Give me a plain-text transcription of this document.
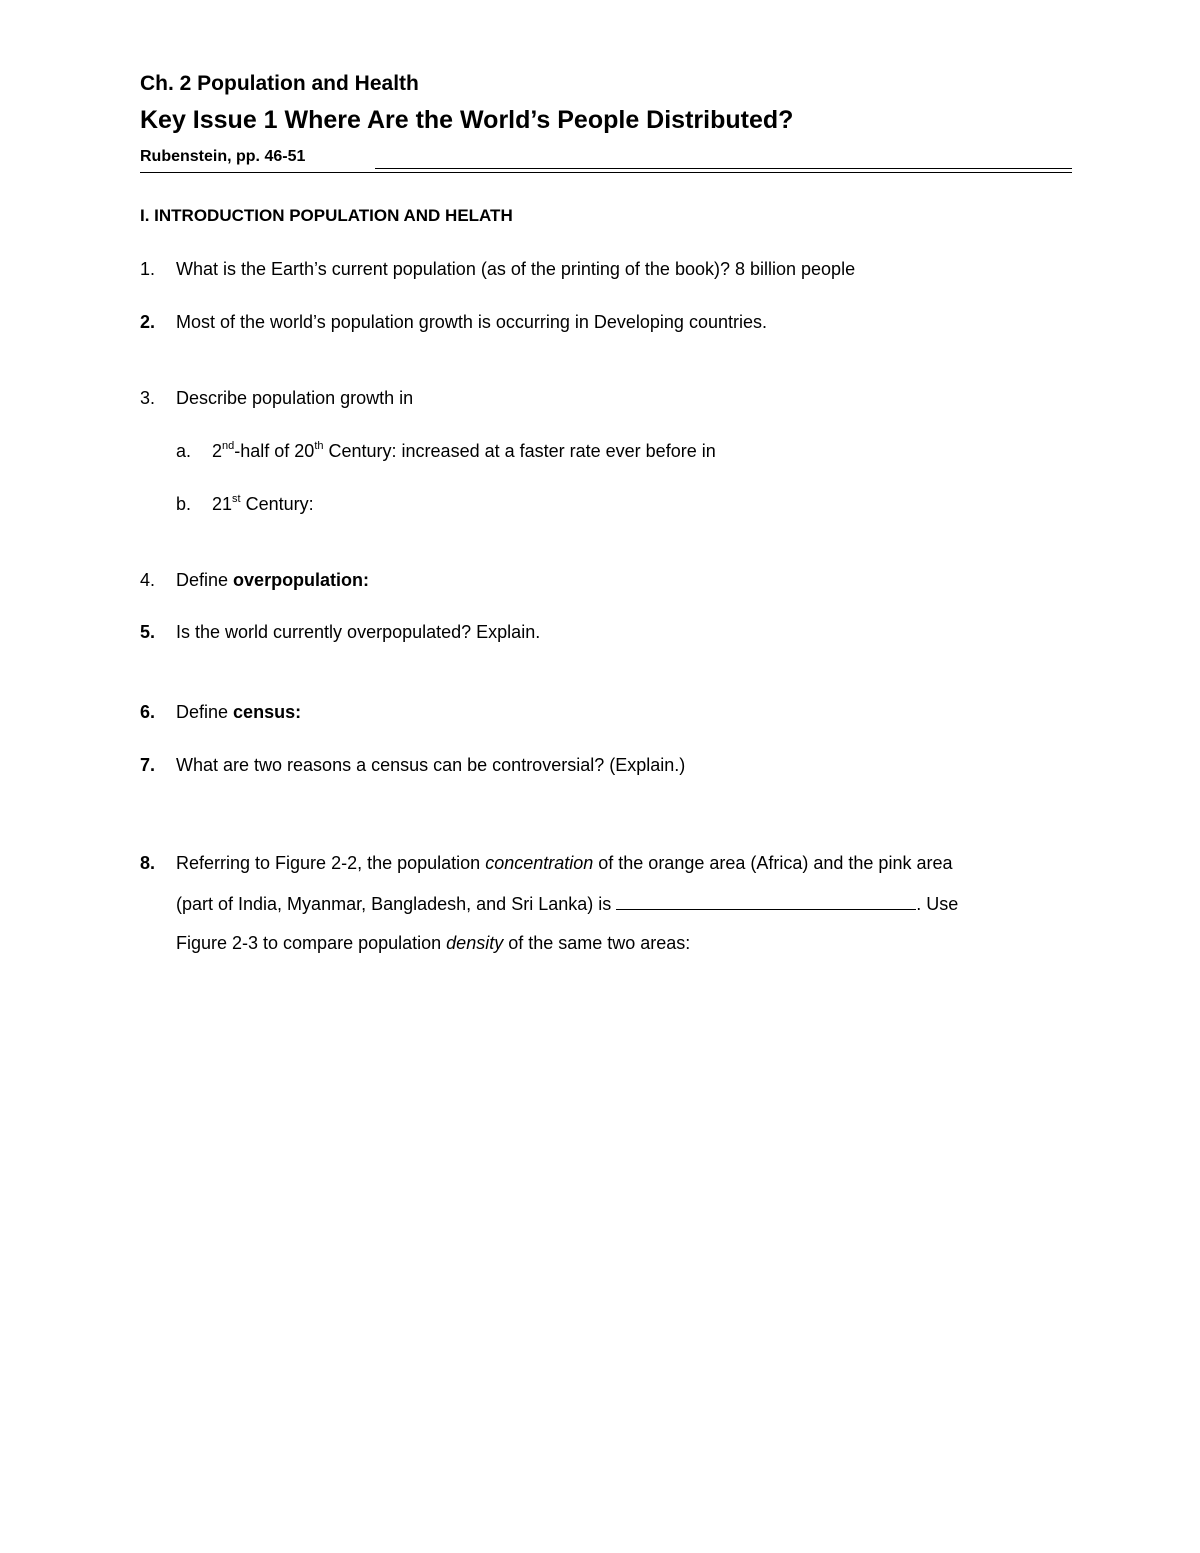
Ch. 2 Population and Health
Key Issue 1 Where Are the World’s People Distributed?
Rubenstein, pp. 46-51
I. INTRODUCTION POPULATION AND HELATH
1. What is the Earth’s current population (as of the printing of the book)? 8 billion people
2. Most of the world’s population growth is occurring in Developing countries.
3. Describe population growth in
a. 2nd-half of 20th Century: increased at a faster rate ever before in
b. 21st Century:
4. Define overpopulation:
5. Is the world currently overpopulated? Explain.
6. Define census:
7. What are two reasons a census can be controversial? (Explain.)
8. Referring to Figure 2-2, the population concentration of the orange area (Africa) and the pink area
(part of India, Myanmar, Bangladesh, and Sri Lanka) is	. Use
Figure 2-3 to compare population density of the same two areas:
